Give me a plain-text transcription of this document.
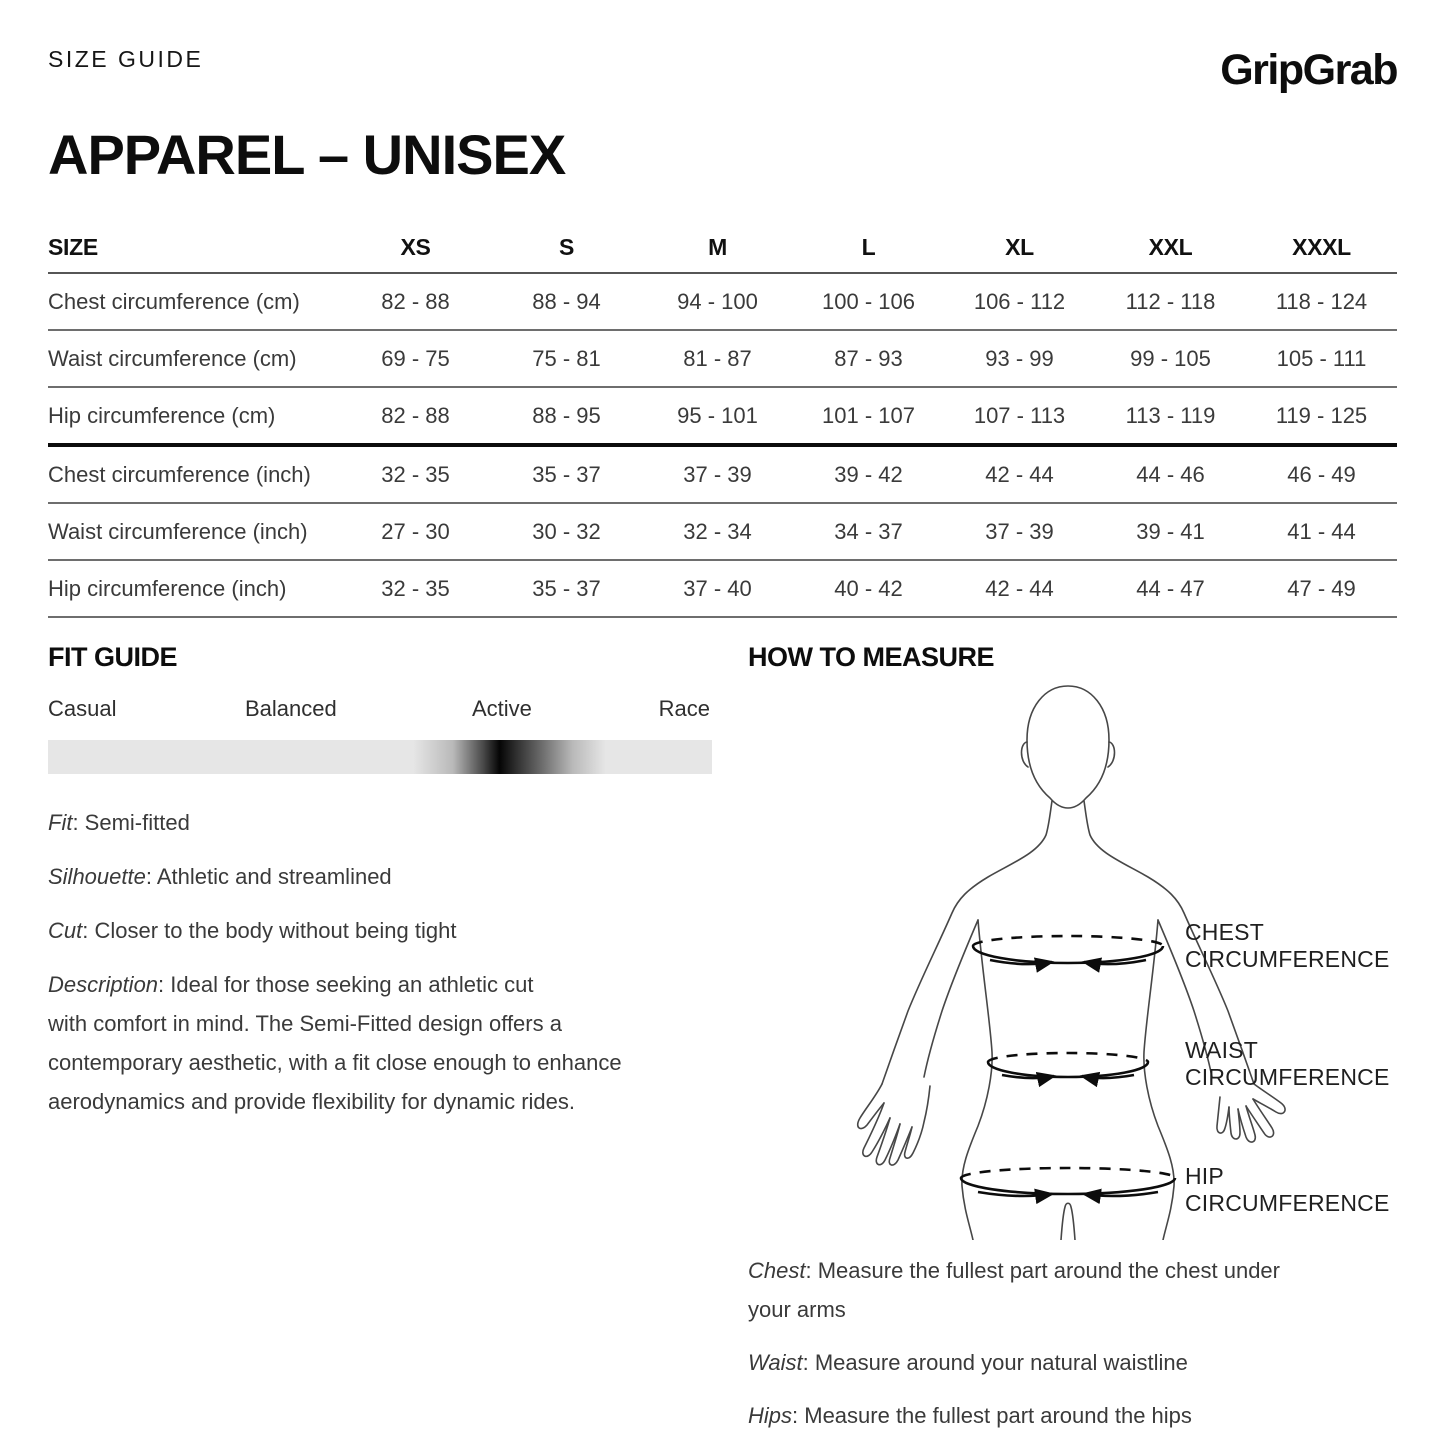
SIZE GUIDE	GripGrab
APPAREL – UNISEX
SIZE	XS	S	M	L	XL	XXL	XXXL
Chest circumference (cm)	82 - 88	88 - 94	94 - 100	100 - 106	106 - 112	112 - 118	118 - 124
Waist circumference (cm)	69 - 75	75 - 81	81 - 87	87 - 93	93 - 99	99 - 105	105 - 111
Hip circumference (cm)	82 - 88	88 - 95	95 - 101	101 - 107	107 - 113	113 - 119	119 - 125
Chest circumference (inch)	32 - 35	35 - 37	37 - 39	39 - 42	42 - 44	44 - 46	46 - 49
Waist circumference (inch)	27 - 30	30 - 32	32 - 34	34 - 37	37 - 39	39 - 41	41 - 44
Hip circumference (inch)	32 - 35	35 - 37	37 - 40	40 - 42	42 - 44	44 - 47	47 - 49
FIT GUIDE
Casual	Balanced	Active	Race
Fit: Semi-fitted
Silhouette: Athletic and streamlined
Cut: Closer to the body without being tight
Description: Ideal for those seeking an athletic cut
with comfort in mind. The Semi-Fitted design offers a
contemporary aesthetic, with a fit close enough to enhance
aerodynamics and provide flexibility for dynamic rides.
HOW TO MEASURE
CHEST
CIRCUMFERENCE
WAIST
CIRCUMFERENCE
HIP
CIRCUMFERENCE
Chest: Measure the fullest part around the chest under your arms
Waist: Measure around your natural waistline
Hips: Measure the fullest part around the hips
